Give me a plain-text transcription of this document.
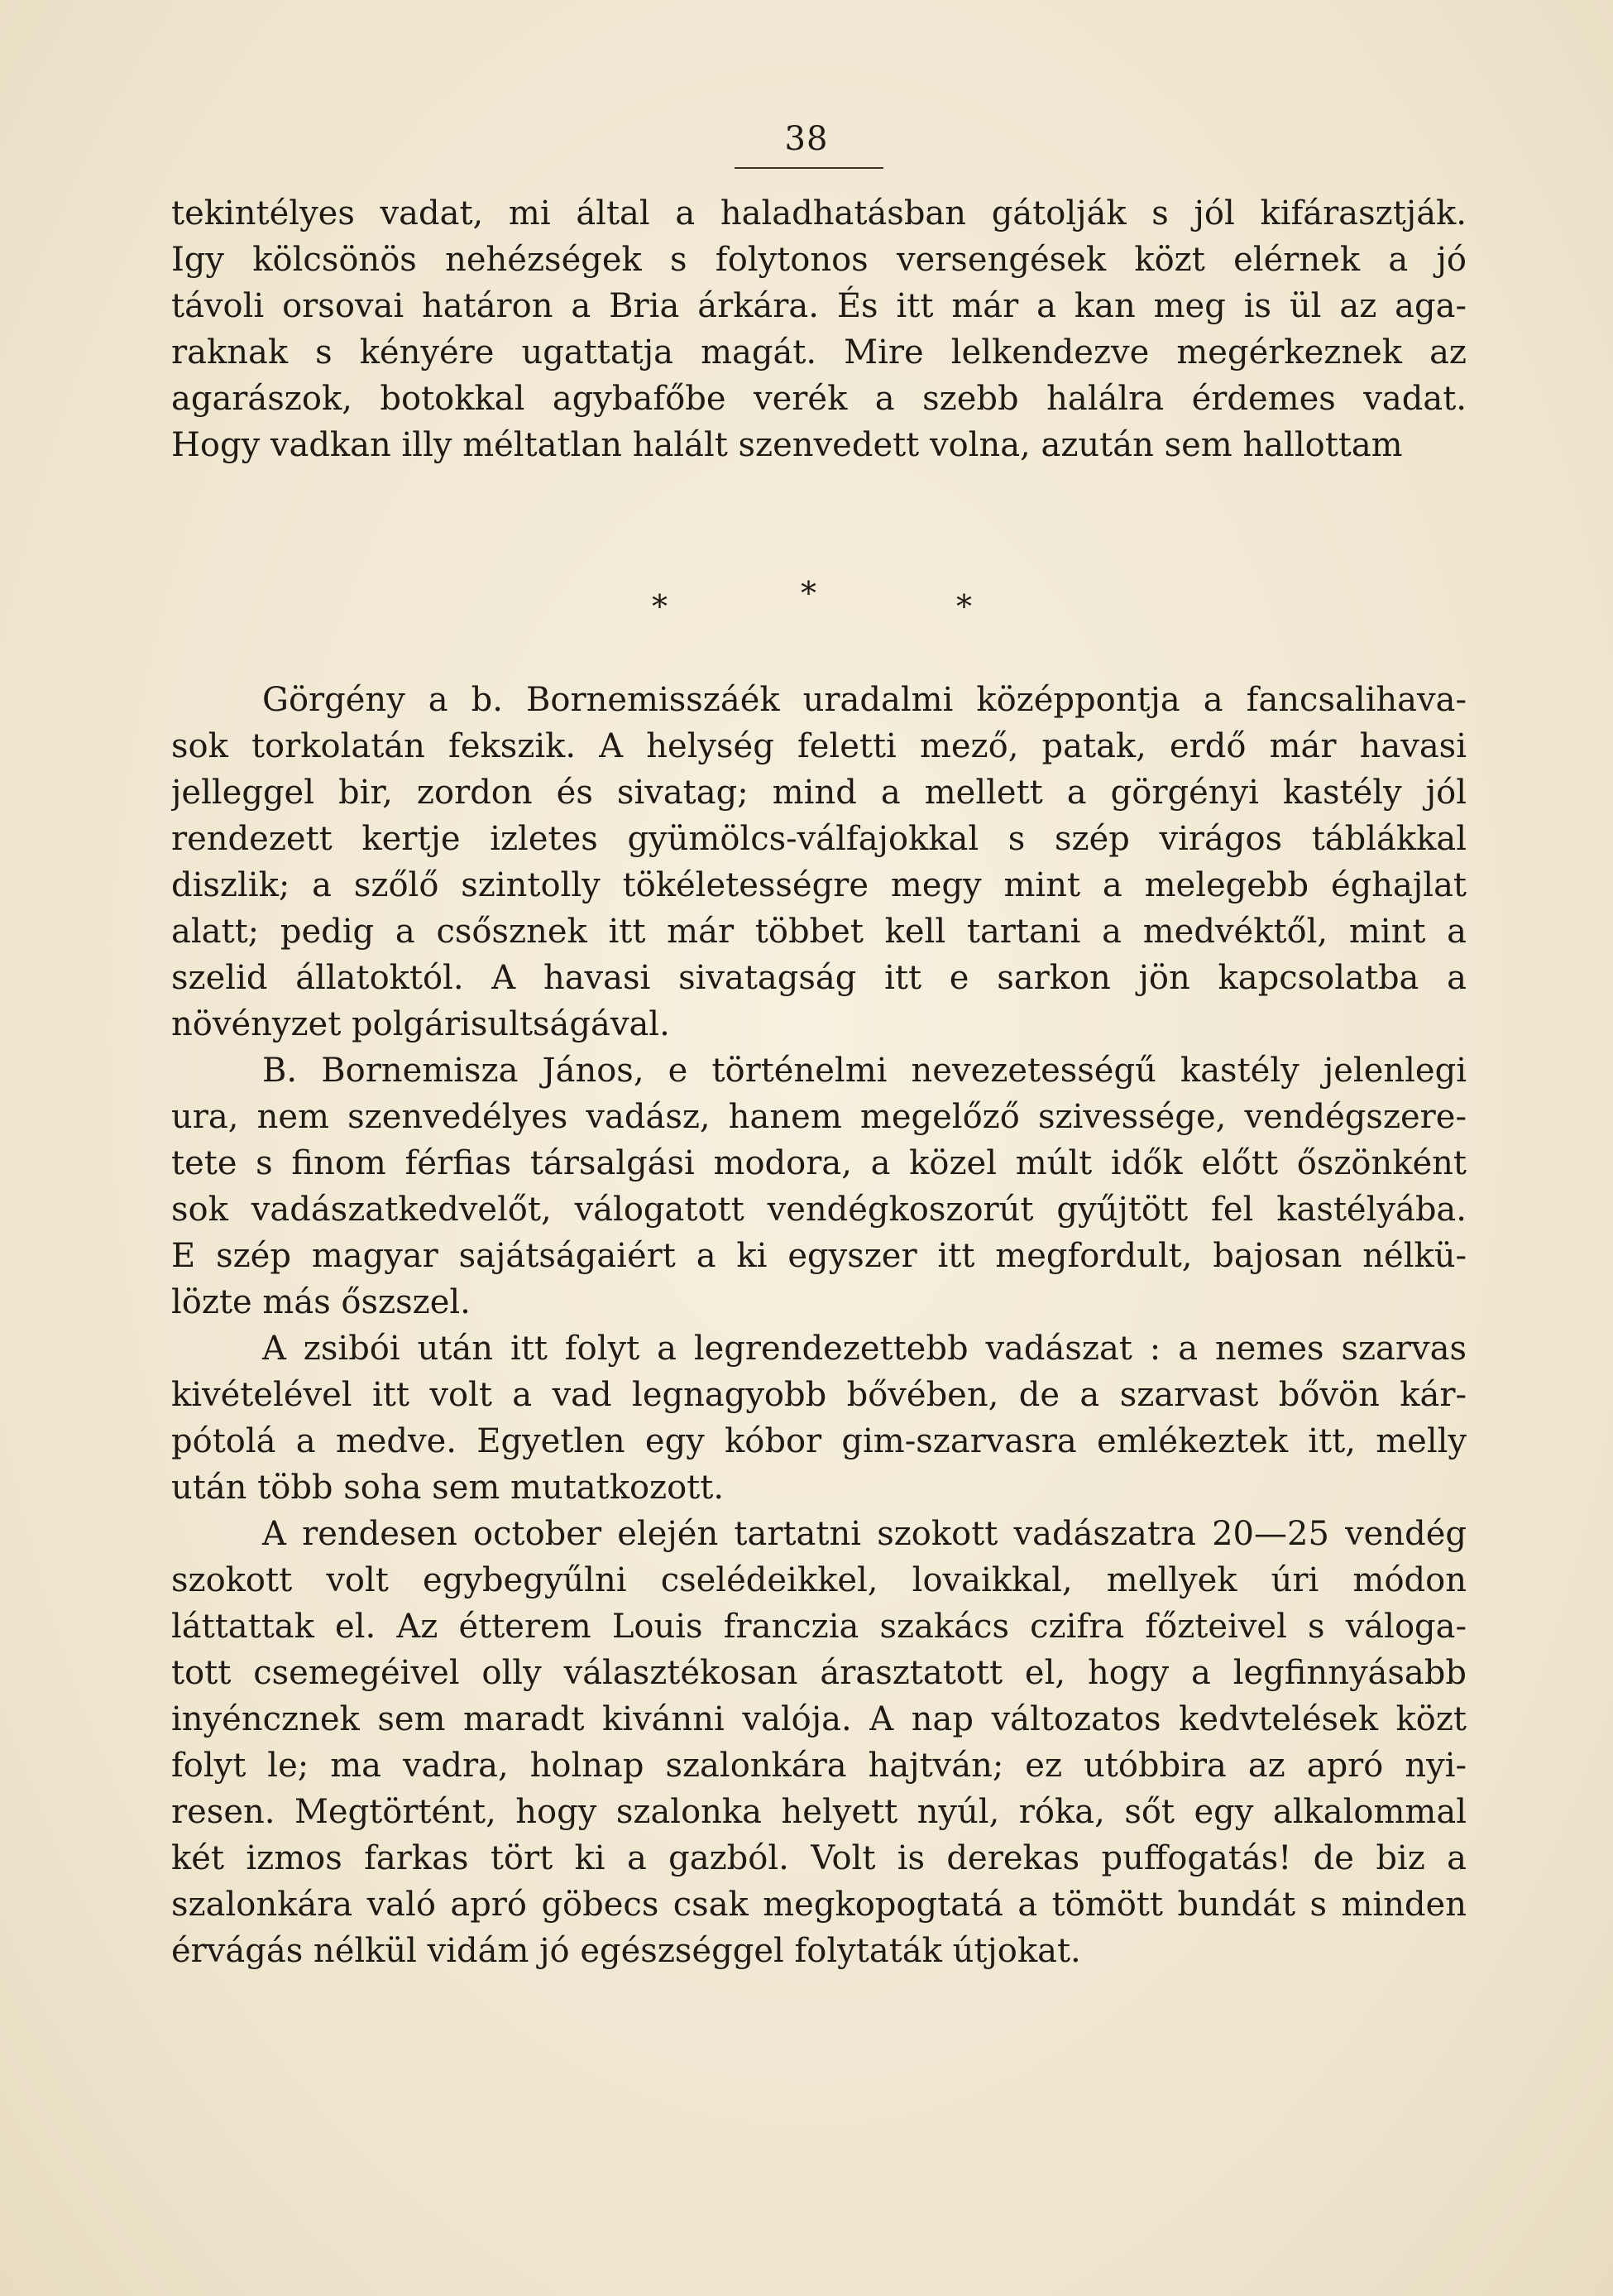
38
tekintélyes vadat, mi által a haladhatásban gátolják s jól kifárasztják.
Igy kölcsönös nehézségek s folytonos versengések közt elérnek a jó
távoli orsovai határon a Bria árkára. És itt már a kan meg is ül az aga-
raknak s kényére ugattatja magát. Mire lelkendezve megérkeznek az
agarászok, botokkal agybafőbe verék a szebb halálra érdemes vadat.
Hogy vadkan illy méltatlan halált szenvedett volna, azután sem hallottam
*	*	*
Görgény a b. Bornemisszáék uradalmi középpontja a fancsalihava-
sok torkolatán fekszik. A helység feletti mező, patak, erdő már havasi
jelleggel bir, zordon és sivatag; mind a mellett a görgényi kastély jól
rendezett kertje izletes gyümölcs-válfajokkal s szép virágos táblákkal
diszlik; a szőlő szintolly tökéletességre megy mint a melegebb éghajlat
alatt; pedig a csősznek itt már többet kell tartani a medvéktől, mint a
szelid állatoktól. A havasi sivatagság itt e sarkon jön kapcsolatba a
növényzet polgárisultságával.
B. Bornemisza János, e történelmi nevezetességű kastély jelenlegi
ura, nem szenvedélyes vadász, hanem megelőző szivessége, vendégszere-
tete s finom férfias társalgási modora, a közel múlt idők előtt őszönként
sok vadászatkedvelőt, válogatott vendégkoszorút gyűjtött fel kastélyába.
E szép magyar sajátságaiért a ki egyszer itt megfordult, bajosan nélkü-
lözte más őszszel.
A zsibói után itt folyt a legrendezettebb vadászat : a nemes szarvas
kivételével itt volt a vad legnagyobb bővében, de a szarvast bővön kár-
pótolá a medve. Egyetlen egy kóbor gim-szarvasra emlékeztek itt, melly
után több soha sem mutatkozott.
A rendesen october elején tartatni szokott vadászatra 20—25 vendég
szokott volt egybegyűlni cselédeikkel, lovaikkal, mellyek úri módon
láttattak el. Az étterem Louis franczia szakács czifra főzteivel s váloga-
tott csemegéivel olly választékosan árasztatott el, hogy a legfinnyásabb
inyéncznek sem maradt kivánni valója. A nap változatos kedvtelések közt
folyt le; ma vadra, holnap szalonkára hajtván; ez utóbbira az apró nyi-
resen. Megtörtént, hogy szalonka helyett nyúl, róka, sőt egy alkalommal
két izmos farkas tört ki a gazból. Volt is derekas puffogatás! de biz a
szalonkára való apró göbecs csak megkopogtatá a tömött bundát s minden
érvágás nélkül vidám jó egészséggel folytaták útjokat.
